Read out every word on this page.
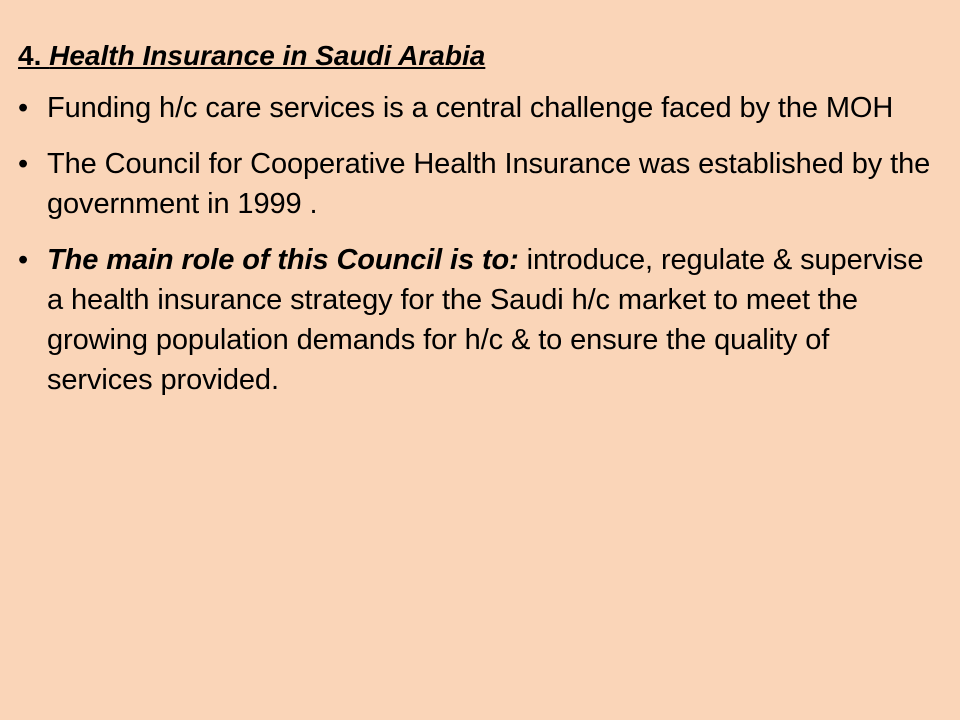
4. Health Insurance in Saudi Arabia
• Funding h/c care services is a central challenge faced by the MOH
• The Council for Cooperative Health Insurance was established by the government in 1999 .
• The main role of this Council is to: introduce, regulate & supervise a health insurance strategy for the Saudi h/c market to meet the growing population demands for h/c & to ensure the quality of services provided.
